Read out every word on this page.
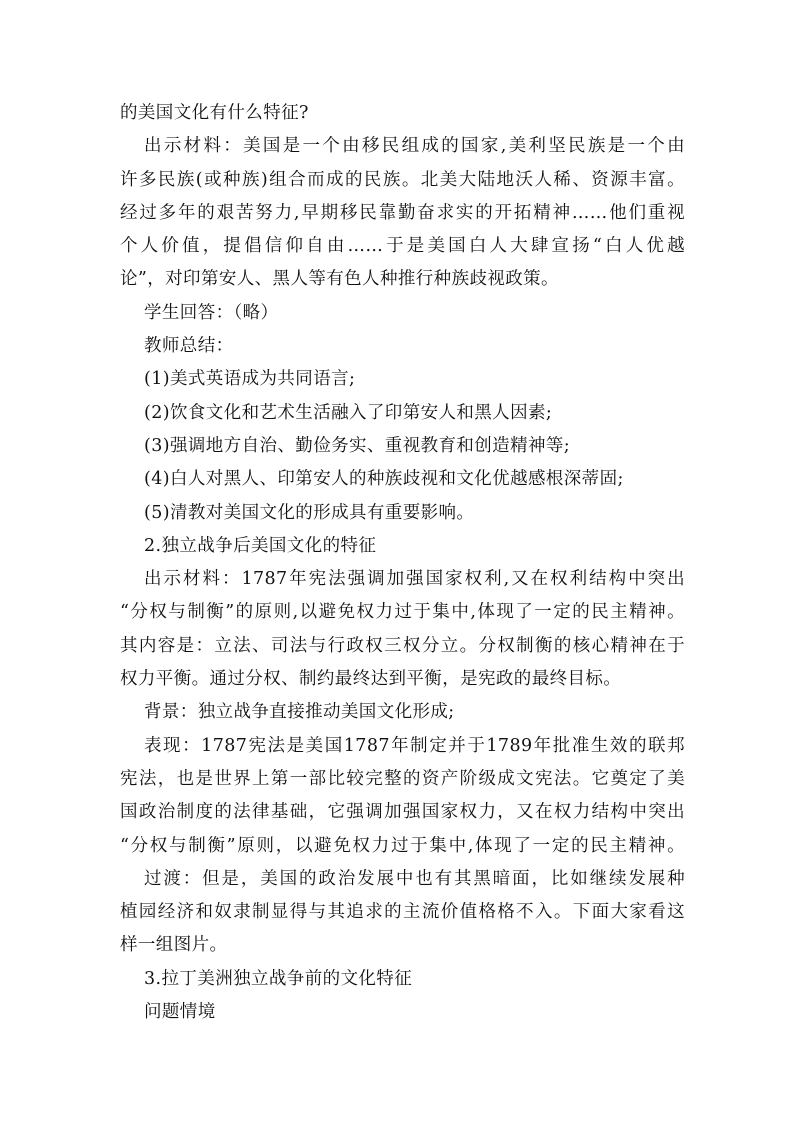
的美国文化有什么特征?
出示材料：美国是一个由移民组成的国家,美利坚民族是一个由
许多民族(或种族)组合而成的民族。北美大陆地沃人稀、资源丰富。
经过多年的艰苦努力,早期移民靠勤奋求实的开拓精神……他们重视
个人价值，提倡信仰自由……于是美国白人大肆宣扬“白人优越
论”，对印第安人、黑人等有色人种推行种族歧视政策。
学生回答：（略）
教师总结：
(1)美式英语成为共同语言;
(2)饮食文化和艺术生活融入了印第安人和黑人因素;
(3)强调地方自治、勤俭务实、重视教育和创造精神等;
(4)白人对黑人、印第安人的种族歧视和文化优越感根深蒂固;
(5)清教对美国文化的形成具有重要影响。
2.独立战争后美国文化的特征
出示材料：1787年宪法强调加强国家权利,又在权利结构中突出
“分权与制衡”的原则,以避免权力过于集中,体现了一定的民主精神。
其内容是：立法、司法与行政权三权分立。分权制衡的核心精神在于
权力平衡。通过分权、制约最终达到平衡，是宪政的最终目标。
背景：独立战争直接推动美国文化形成;
表现：1787宪法是美国1787年制定并于1789年批准生效的联邦
宪法，也是世界上第一部比较完整的资产阶级成文宪法。它奠定了美
国政治制度的法律基础，它强调加强国家权力，又在权力结构中突出
“分权与制衡”原则，以避免权力过于集中,体现了一定的民主精神。
过渡：但是，美国的政治发展中也有其黑暗面，比如继续发展种
植园经济和奴隶制显得与其追求的主流价值格格不入。下面大家看这
样一组图片。
3.拉丁美洲独立战争前的文化特征
问题情境
